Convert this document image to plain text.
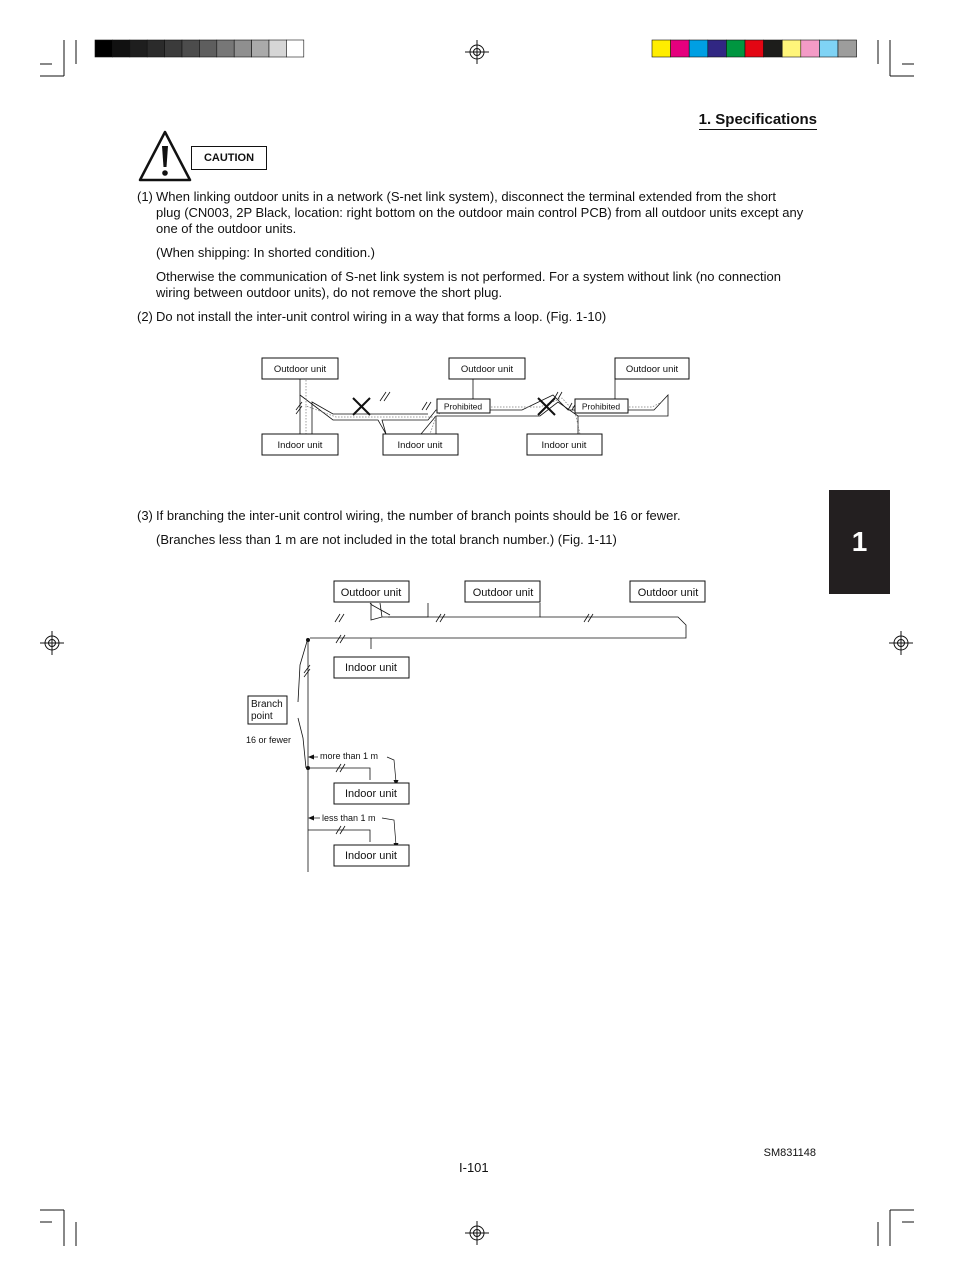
1. Specifications
CAUTION
(1) When linking outdoor units in a network (S-net link system), disconnect the terminal extended from the short
plug (CN003, 2P Black, location: right bottom on the outdoor main control PCB) from all outdoor units except any
one of the outdoor units.
(When shipping: In shorted condition.)
Otherwise the communication of S-net link system is not performed. For a system without link (no connection
wiring between outdoor units), do not remove the short plug.
(2) Do not install the inter-unit control wiring in a way that forms a loop. (Fig. 1-10)
Outdoor unit	Outdoor unit	Outdoor unit
Indoor unit	Indoor unit	Indoor unit
Prohibited	Prohibited
(3) If branching the inter-unit control wiring, the number of branch points should be 16 or fewer.
(Branches less than 1 m are not included in the total branch number.) (Fig. 1-11)
Outdoor unit	Outdoor unit	Outdoor unit
Indoor unit
Indoor unit
Indoor unit
Branch
point
16 or fewer
more than 1 m
less than 1 m
1
SM831148
I-101
